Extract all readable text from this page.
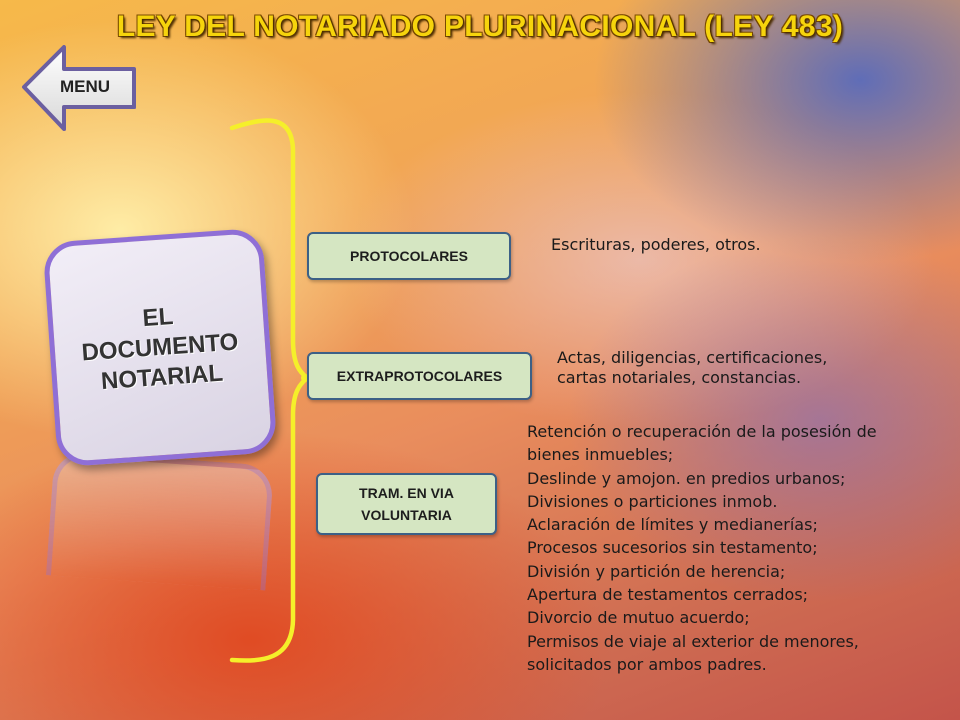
LEY DEL NOTARIADO PLURINACIONAL (LEY 483)
MENU
EL DOCUMENTO
NOTARIAL
PROTOCOLARES
EXTRAPROTOCOLARES
TRAM. EN VIA
VOLUNTARIA
Escrituras, poderes, otros.
Actas, diligencias, certificaciones,
cartas notariales, constancias.
Retención o recuperación de la posesión de
bienes inmuebles;
Deslinde y amojon. en predios urbanos;
Divisiones o particiones inmob.
Aclaración de límites y medianerías;
Procesos sucesorios sin testamento;
División y partición de herencia;
Apertura de testamentos cerrados;
Divorcio de mutuo acuerdo;
Permisos de viaje al exterior de menores,
solicitados por ambos padres.
